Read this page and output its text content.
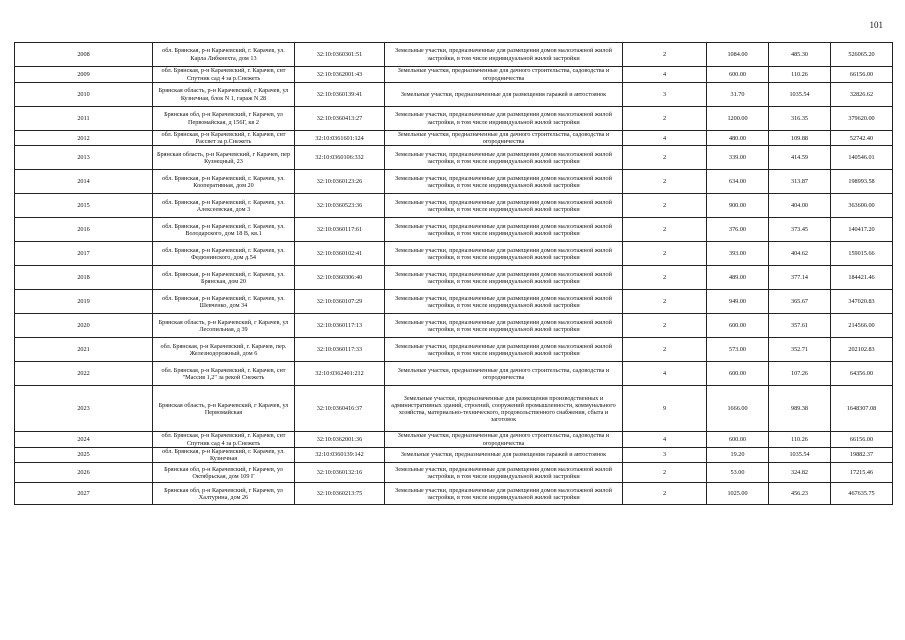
101
2008	обл. Брянская, р-н Карачевский, г. Карачев, ул. Карла Либкнехта, дом 13	32:10:0360301:51	Земельные участки, предназначенные для размещения домов малоэтажной жилой застройки, в том числе индивидуальной жилой застройки	2	1084.00	485.30	526065.20
2009	обл. Брянская, р-н Карачевский, г. Карачев, снт Спутник сад 4 за р.Снежеть	32:10:0362001:43	Земельные участки, предназначенные для дачного строительства, садоводства и огородничества	4	600.00	110.26	66156.00
2010	Брянская область, р-н Карачевский, г Карачев, ул Кузнечная, блок N 1, гараж N 28	32:10:0360139:41	Земельные участки, предназначенные для размещения гаражей и автостоянок	3	31.70	1035.54	32826.62
2011	Брянская обл, р-н Карачевский, г Карачев, ул Первомайская, д 156Г, кв 2	32:10:0360413:27	Земельные участки, предназначенные для размещения домов малоэтажной жилой застройки, в том числе индивидуальной жилой застройки	2	1200.00	316.35	379620.00
2012	обл. Брянская, р-н Карачевский, г. Карачев, снт Рассвет за р.Снежеть	32:10:0361601:124	Земельные участки, предназначенные для дачного строительства, садоводства и огородничества	4	480.00	109.88	52742.40
2013	Брянская область, р-н Карачевский, г Карачев, пер Кузнецный, 23	32:10:0360106:332	Земельные участки, предназначенные для размещения домов малоэтажной жилой застройки, в том числе индивидуальной жилой застройки	2	339.00	414.59	140546.01
2014	обл. Брянская, р-н Карачевский, г. Карачев, ул. Кооперативная, дом 20	32:10:0360123:26	Земельные участки, предназначенные для размещения домов малоэтажной жилой застройки, в том числе индивидуальной жилой застройки	2	634.00	313.87	198993.58
2015	обл. Брянская, р-н Карачевский, г. Карачев, ул. Алексеевская, дом 3	32:10:0360523:36	Земельные участки, предназначенные для размещения домов малоэтажной жилой застройки, в том числе индивидуальной жилой застройки	2	900.00	404.00	363600.00
2016	обл. Брянская, р-н Карачевский, г. Карачев, ул. Володарского, дом 18 В, кв.1	32:10:0360117:61	Земельные участки, предназначенные для размещения домов малоэтажной жилой застройки, в том числе индивидуальной жилой застройки	2	376.00	373.45	140417.20
2017	обл. Брянская, р-н Карачевский, г. Карачев, ул. Федюнинского, дом д.54	32:10:0360102:41	Земельные участки, предназначенные для размещения домов малоэтажной жилой застройки, в том числе индивидуальной жилой застройки	2	393.00	404.62	159015.66
2018	обл. Брянская, р-н Карачевский, г. Карачев, ул. Брянская, дом 20	32:10:0360306:40	Земельные участки, предназначенные для размещения домов малоэтажной жилой застройки, в том числе индивидуальной жилой застройки	2	489.00	377.14	184421.46
2019	обл. Брянская, р-н Карачевский, г. Карачев, ул. Шевченко, дом 34	32:10:0360107:29	Земельные участки, предназначенные для размещения домов малоэтажной жилой застройки, в том числе индивидуальной жилой застройки	2	949.00	365.67	347020.83
2020	Брянская область, р-н Карачевский, г Карачев, ул Лесопильная, д 39	32:10:0360117:13	Земельные участки, предназначенные для размещения домов малоэтажной жилой застройки, в том числе индивидуальной жилой застройки	2	600.00	357.61	214566.00
2021	обл. Брянская, р-н Карачевский, г. Карачев, пер. Железнодорожный, дом 6	32:10:0360117:33	Земельные участки, предназначенные для размещения домов малоэтажной жилой застройки, в том числе индивидуальной жилой застройки	2	573.00	352.71	202102.83
2022	обл. Брянская, р-н Карачевский, г. Карачев, снт "Массив 1,2" за рекой Снежеть	32:10:0362401:212	Земельные участки, предназначенные для дачного строительства, садоводства и огородничества	4	600.00	107.26	64356.00
2023	Брянская область, р-н Карачевский, г Карачев, ул Первомайская	32:10:0360416:37	Земельные участки, предназначенные для размещения производственных и административных зданий, строений, сооружений промышленности, коммунального хозяйства, материально-технического, продовольственного снабжения, сбыта и заготовок	9	1666.00	989.38	1648307.08
2024	обл. Брянская, р-н Карачевский, г. Карачев, снт Спутник сад 4 за р.Снежеть	32:10:0362001:36	Земельные участки, предназначенные для дачного строительства, садоводства и огородничества	4	600.00	110.26	66156.00
2025	обл. Брянская, р-н Карачевский, г. Карачев, ул. Кузнечная	32:10:0360139:142	Земельные участки, предназначенные для размещения гаражей и автостоянок	3	19.20	1035.54	19882.37
2026	Брянская обл, р-н Карачевский, г Карачев, ул Октябрьская, дом 109 Г	32:10:0360132:16	Земельные участки, предназначенные для размещения домов малоэтажной жилой застройки, в том числе индивидуальной жилой застройки	2	53.00	324.82	17215.46
2027	Брянская обл, р-н Карачевский, г Карачев, ул Халтурина, дом 26	32:10:0360213:75	Земельные участки, предназначенные для размещения домов малоэтажной жилой застройки, в том числе индивидуальной жилой застройки	2	1025.00	456.23	467635.75
